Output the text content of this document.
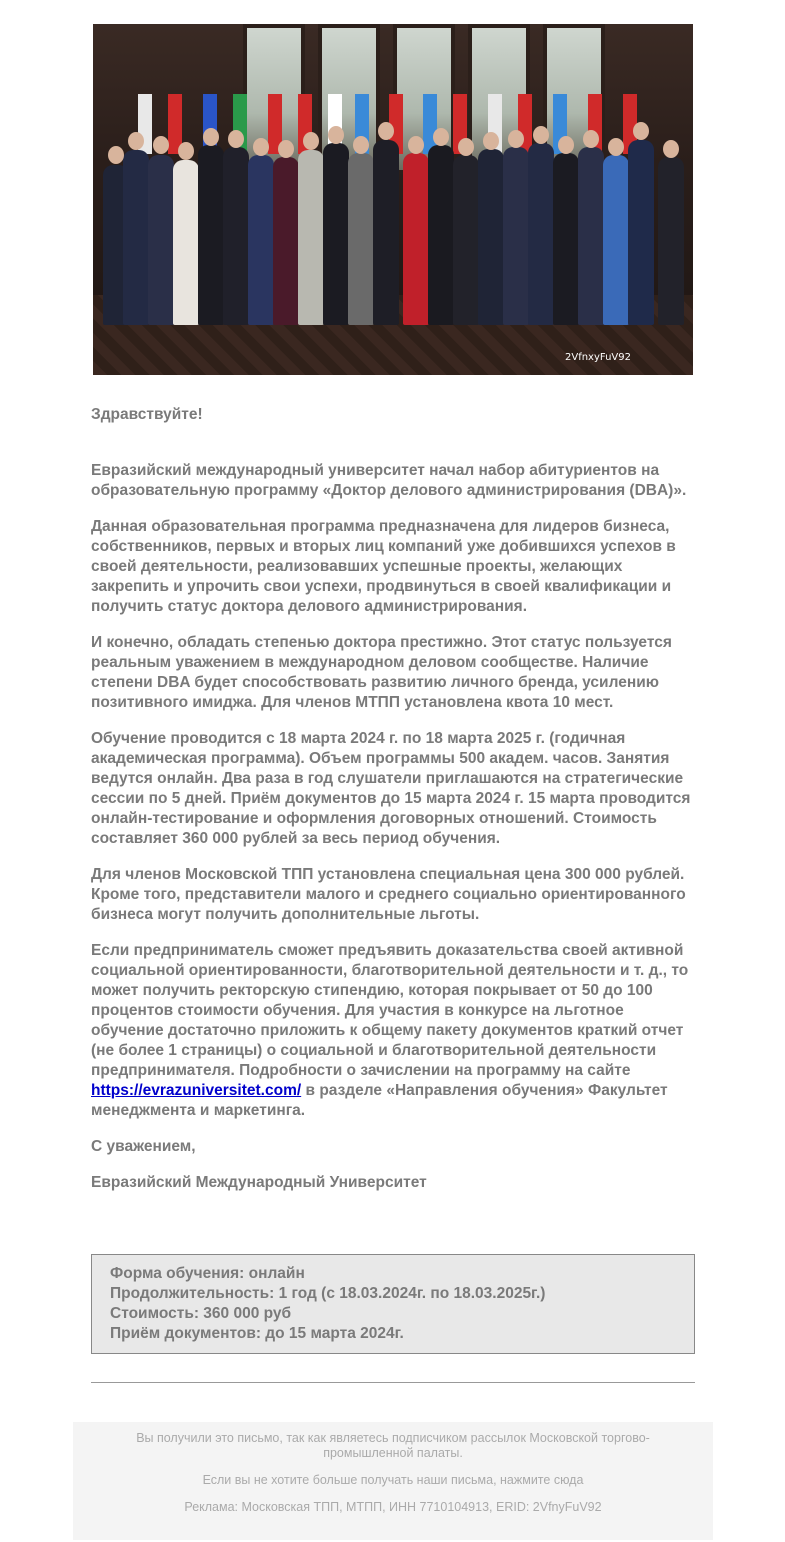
2VfnxyFuV92

Здравствуйте!

Евразийский международный университет начал набор абитуриентов на образовательную программу «Доктор делового администрирования (DBA)».

Данная образовательная программа предназначена для лидеров бизнеса, собственников, первых и вторых лиц компаний уже добившихся успехов в своей деятельности, реализовавших успешные проекты, желающих закрепить и упрочить свои успехи, продвинуться в своей квалификации и получить статус доктора делового администрирования.

И конечно, обладать степенью доктора престижно. Этот статус пользуется реальным уважением в международном деловом сообществе. Наличие степени DBA будет способствовать развитию личного бренда, усилению позитивного имиджа. Для членов МТПП установлена квота 10 мест.

Обучение проводится с 18 марта 2024 г. по 18 марта 2025 г. (годичная академическая программа). Объем программы 500 академ. часов. Занятия ведутся онлайн. Два раза в год слушатели приглашаются на стратегические сессии по 5 дней. Приём документов до 15 марта 2024 г. 15 марта проводится онлайн-тестирование и оформления договорных отношений. Стоимость составляет 360 000 рублей за весь период обучения.

Для членов Московской ТПП установлена специальная цена 300 000 рублей. Кроме того, представители малого и среднего социально ориентированного бизнеса могут получить дополнительные льготы.

Если предприниматель сможет предъявить доказательства своей активной социальной ориентированности, благотворительной деятельности и т. д., то может получить ректорскую стипендию, которая покрывает от 50 до 100 процентов стоимости обучения. Для участия в конкурсе на льготное обучение достаточно приложить к общему пакету документов краткий отчет (не более 1 страницы) о социальной и благотворительной деятельности предпринимателя. Подробности о зачислении на программу на сайте https://evrazuniversitet.com/ в разделе «Направления обучения» Факультет менеджмента и маркетинга.

С уважением,

Евразийский Международный Университет

Форма обучения: онлайн
Продолжительность: 1 год (с 18.03.2024г. по 18.03.2025г.)
Стоимость: 360 000 руб
Приём документов: до 15 марта 2024г.

Вы получили это письмо, так как являетесь подписчиком рассылок Московской торгово-промышленной палаты.

Если вы не хотите больше получать наши письма, нажмите сюда

Реклама: Московская ТПП, МТПП, ИНН 7710104913, ERID: 2VfnyFuV92
